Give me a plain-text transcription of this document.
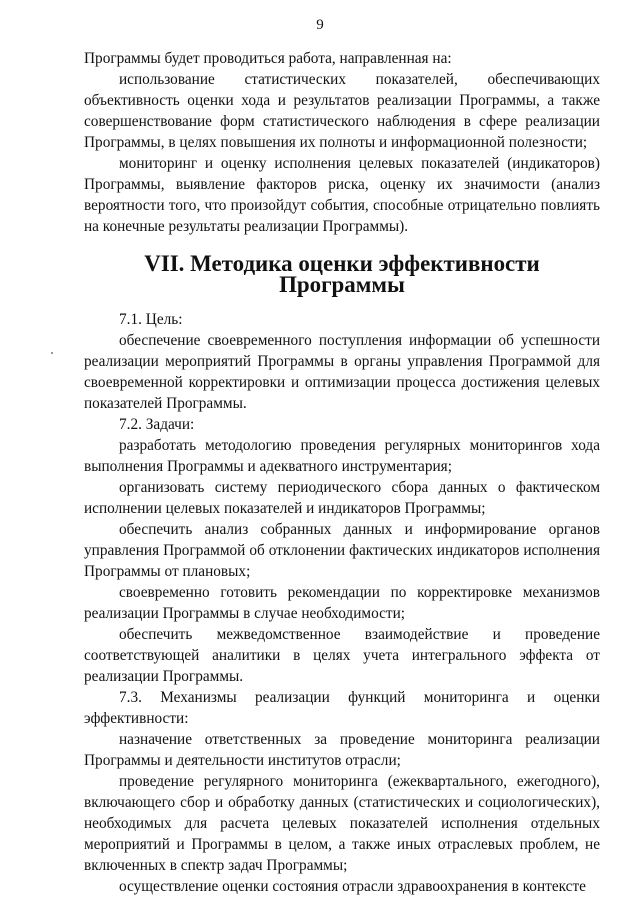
9

Программы будет проводиться работа, направленная на:

использование статистических показателей, обеспечивающих объективность оценки хода и результатов реализации Программы, а также совершенствование форм статистического наблюдения в сфере реализации Программы, в целях повышения их полноты и информационной полезности;

мониторинг и оценку исполнения целевых показателей (индикаторов) Программы, выявление факторов риска, оценку их значимости (анализ вероятности того, что произойдут события, способные отрицательно повлиять на конечные результаты реализации Программы).

VII. Методика оценки эффективности Программы

7.1. Цель:

обеспечение своевременного поступления информации об успешности реализации мероприятий Программы в органы управления Программой для своевременной корректировки и оптимизации процесса достижения целевых показателей Программы.

7.2. Задачи:

разработать методологию проведения регулярных мониторингов хода выполнения Программы и адекватного инструментария;

организовать систему периодического сбора данных о фактическом исполнении целевых показателей и индикаторов Программы;

обеспечить анализ собранных данных и информирование органов управления Программой об отклонении фактических индикаторов исполнения Программы от плановых;

своевременно готовить рекомендации по корректировке механизмов реализации Программы в случае необходимости;

обеспечить межведомственное взаимодействие и проведение соответствующей аналитики в целях учета интегрального эффекта от реализации Программы.

7.3. Механизмы реализации функций мониторинга и оценки эффективности:

назначение ответственных за проведение мониторинга реализации Программы и деятельности институтов отрасли;

проведение регулярного мониторинга (ежеквартального, ежегодного), включающего сбор и обработку данных (статистических и социологических), необходимых для расчета целевых показателей исполнения отдельных мероприятий и Программы в целом, а также иных отраслевых проблем, не включенных в спектр задач Программы;

осуществление оценки состояния отрасли здравоохранения в контексте
